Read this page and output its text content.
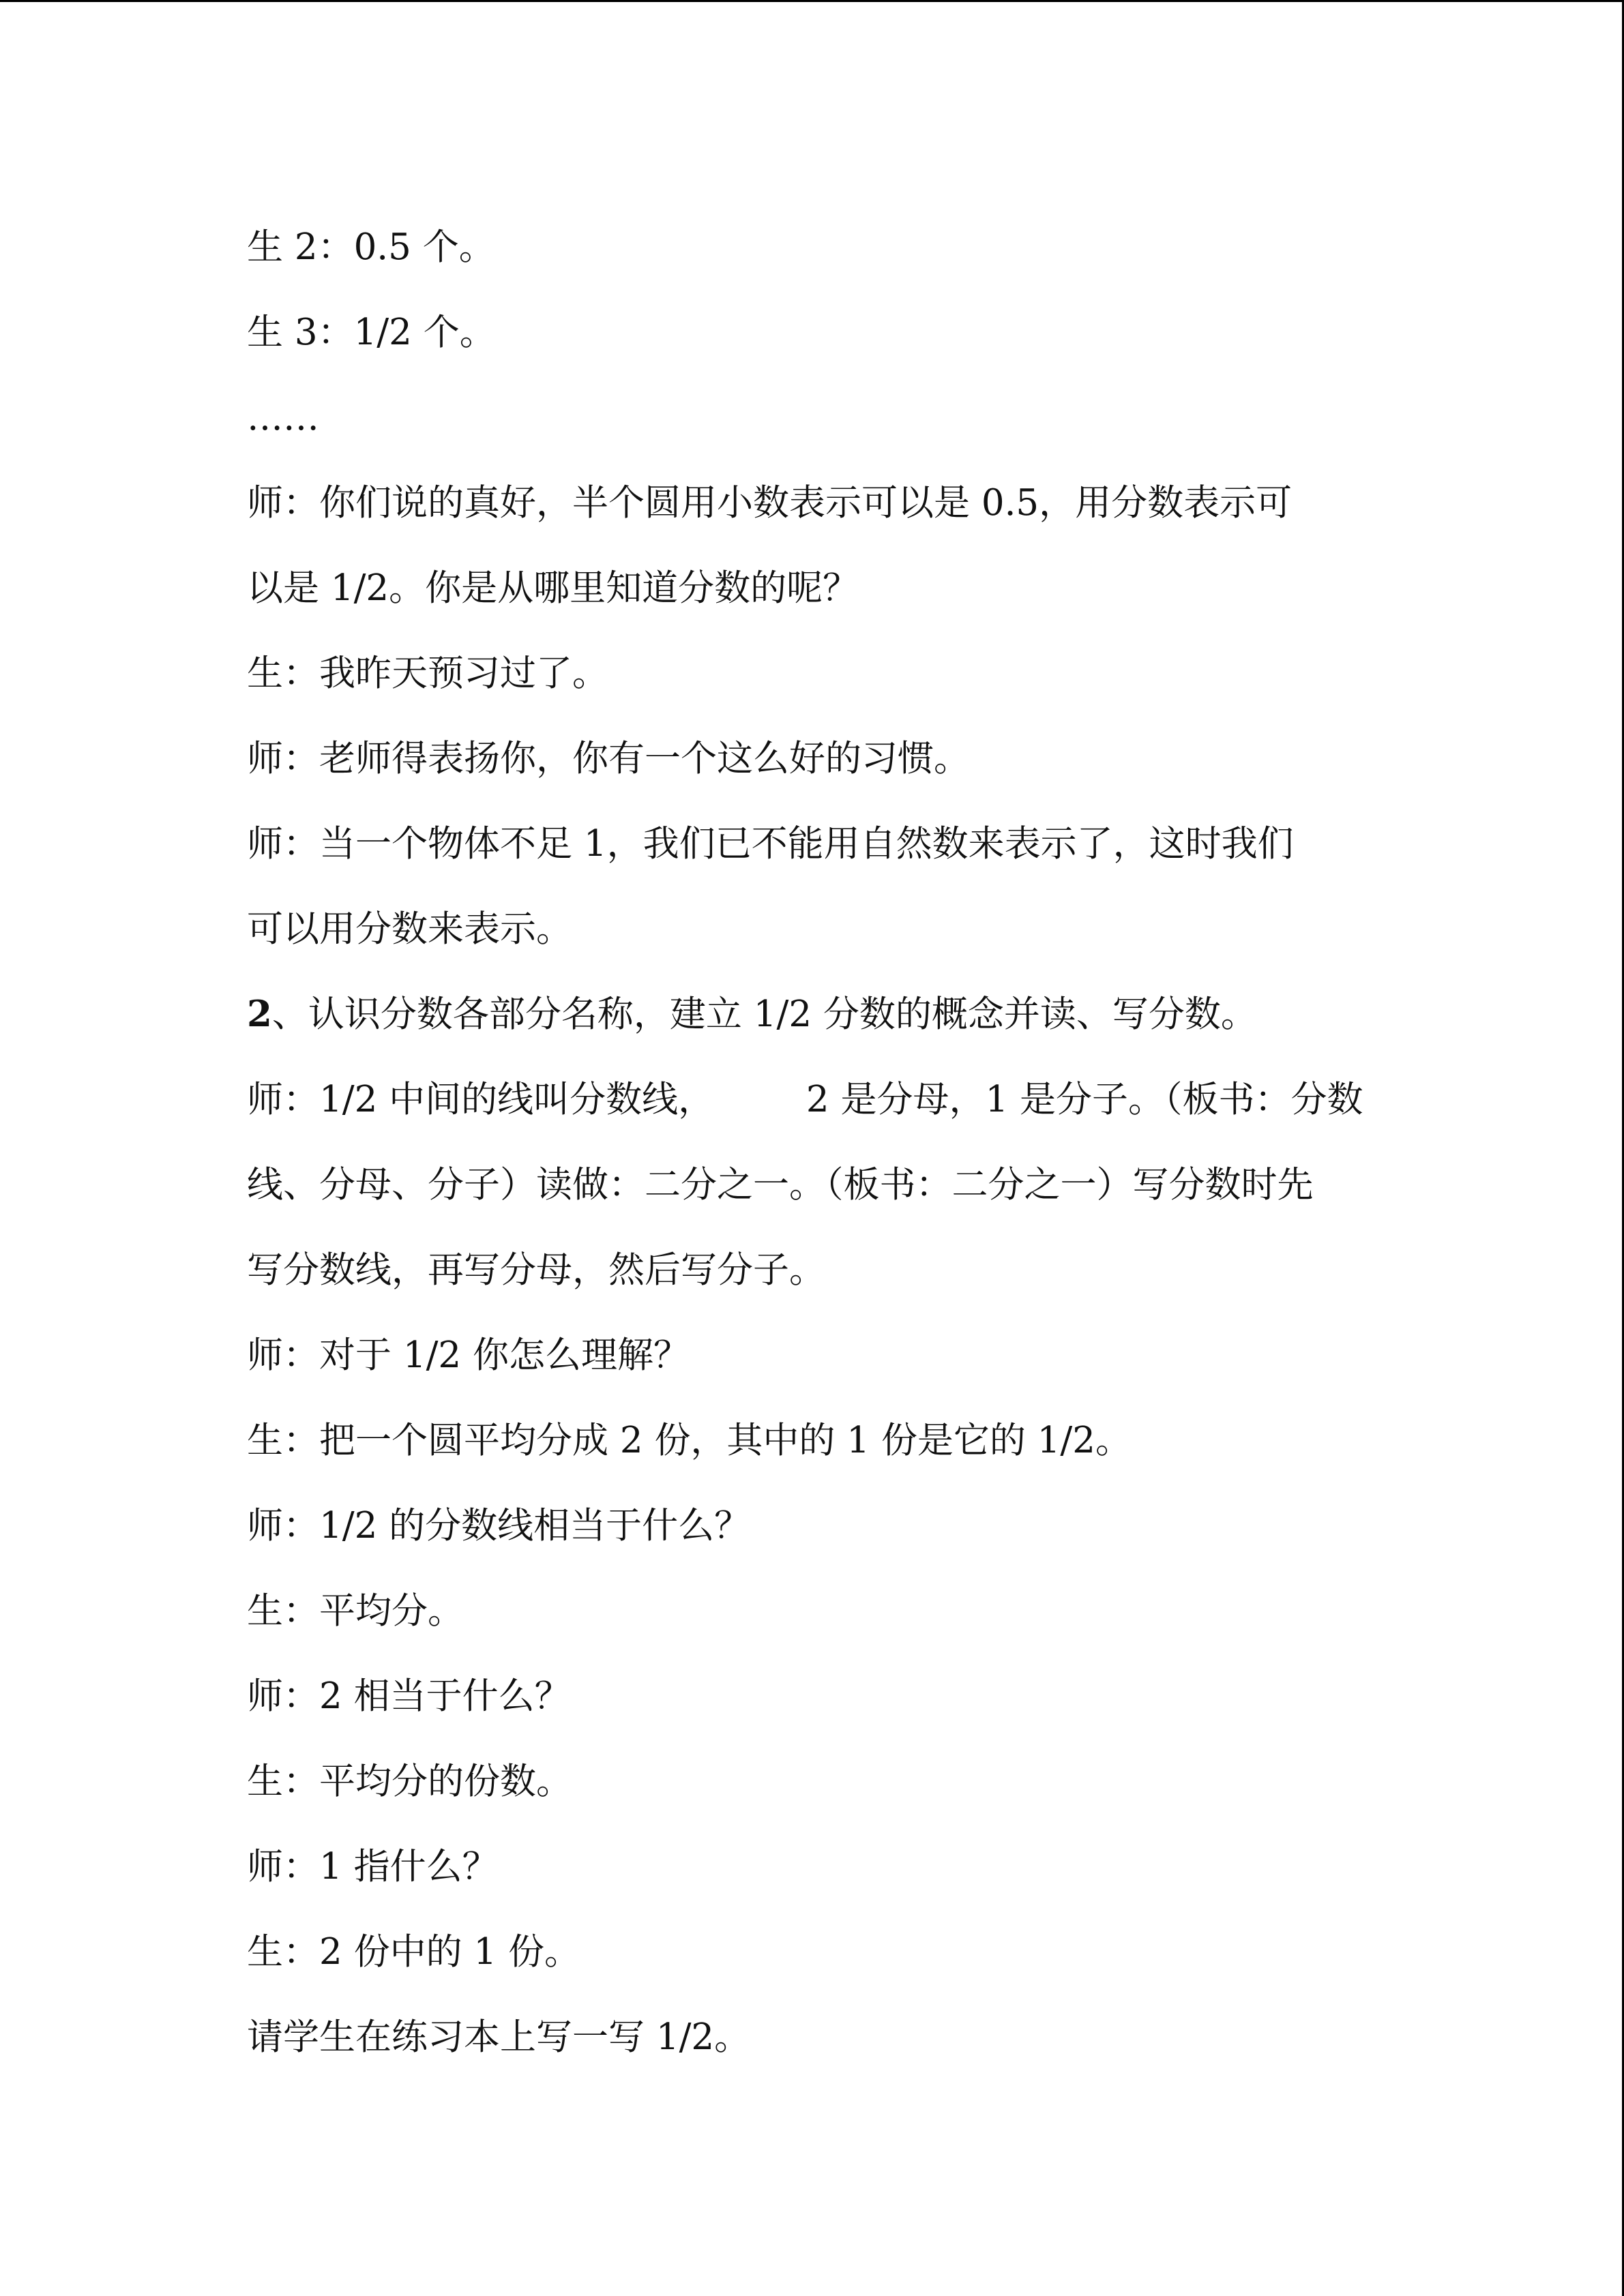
生 2：0.5 个。
生 3：1/2 个。
……
师：你们说的真好，半个圆用小数表示可以是 0.5，用分数表示可
以是 1/2。你是从哪里知道分数的呢？
生：我昨天预习过了。
师：老师得表扬你，你有一个这么好的习惯。
师：当一个物体不足 1，我们已不能用自然数来表示了，这时我们
可以用分数来表示。
2、认识分数各部分名称，建立 1/2 分数的概念并读、写分数。
师：1/2 中间的线叫分数线，        2 是分母，1 是分子。（板书：分数
线、分母、分子）读做：二分之一。（板书：二分之一）写分数时先
写分数线，再写分母，然后写分子。
师：对于 1/2 你怎么理解？
生：把一个圆平均分成 2 份，其中的 1 份是它的 1/2。
师：1/2 的分数线相当于什么？
生：平均分。
师：2 相当于什么？
生：平均分的份数。
师：1 指什么？
生：2 份中的 1 份。
请学生在练习本上写一写 1/2。
